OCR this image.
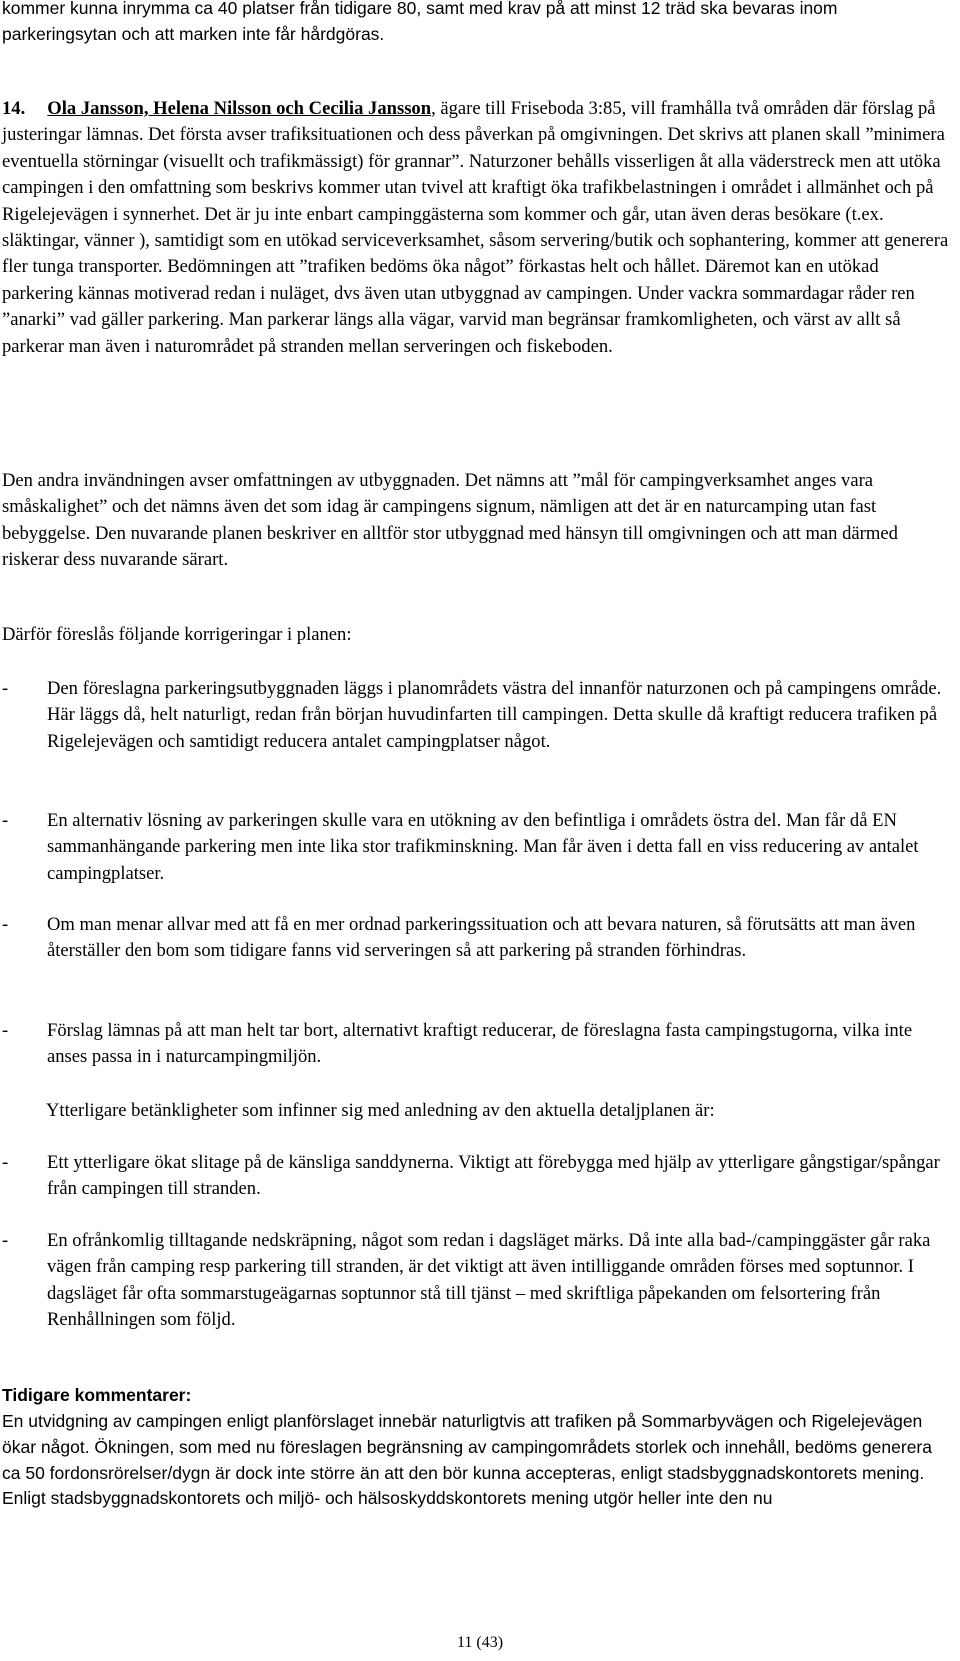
kommer kunna inrymma ca 40 platser från tidigare 80, samt med krav på att minst 12 träd ska bevaras inom parkeringsytan och att marken inte får hårdgöras.

14. Ola Jansson, Helena Nilsson och Cecilia Jansson, ägare till Friseboda 3:85, vill framhålla två områden där förslag på justeringar lämnas. Det första avser trafiksituationen och dess påverkan på omgivningen. Det skrivs att planen skall ”minimera eventuella störningar (visuellt och trafikmässigt) för grannar”. Naturzoner behålls visserligen åt alla väderstreck men att utöka campingen i den omfattning som beskrivs kommer utan tvivel att kraftigt öka trafikbelastningen i området i allmänhet och på Rigelejevägen i synnerhet. Det är ju inte enbart campinggästerna som kommer och går, utan även deras besökare (t.ex. släktingar, vänner ), samtidigt som en utökad serviceverksamhet, såsom servering/butik och sophantering, kommer att generera fler tunga transporter. Bedömningen att ”trafiken bedöms öka något” förkastas helt och hållet. Däremot kan en utökad parkering kännas motiverad redan i nuläget, dvs även utan utbyggnad av campingen. Under vackra sommardagar råder ren ”anarki” vad gäller parkering. Man parkerar längs alla vägar, varvid man begränsar framkomligheten, och värst av allt så parkerar man även i naturområdet på stranden mellan serveringen och fiskeboden.

Den andra invändningen avser omfattningen av utbyggnaden. Det nämns att ”mål för campingverksamhet anges vara småskalighet” och det nämns även det som idag är campingens signum, nämligen att det är en naturcamping utan fast bebyggelse. Den nuvarande planen beskriver en alltför stor utbyggnad med hänsyn till omgivningen och att man därmed riskerar dess nuvarande särart.

Därför föreslås följande korrigeringar i planen:

-	Den föreslagna parkeringsutbyggnaden läggs i planområdets västra del innanför naturzonen och på campingens område. Här läggs då, helt naturligt, redan från början huvudinfarten till campingen. Detta skulle då kraftigt reducera trafiken på Rigelejevägen och samtidigt reducera antalet campingplatser något.

-	En alternativ lösning av parkeringen skulle vara en utökning av den befintliga i områdets östra del. Man får då EN sammanhängande parkering men inte lika stor trafikminskning. Man får även i detta fall en viss reducering av antalet campingplatser.

-	Om man menar allvar med att få en mer ordnad parkeringssituation och att bevara naturen, så förutsätts att man även återställer den bom som tidigare fanns vid serveringen så att parkering på stranden förhindras.

-	Förslag lämnas på att man helt tar bort, alternativt kraftigt reducerar, de föreslagna fasta campingstugorna, vilka inte anses passa in i naturcampingmiljön.

Ytterligare betänkligheter som infinner sig med anledning av den aktuella detaljplanen är:

-	Ett ytterligare ökat slitage på de känsliga sanddynerna. Viktigt att förebygga med hjälp av ytterligare gångstigar/spångar från campingen till stranden.

-	En ofrånkomlig tilltagande nedskräpning, något som redan i dagsläget märks. Då inte alla bad-/campinggäster går raka vägen från camping resp parkering till stranden, är det viktigt att även intilliggande områden förses med soptunnor. I dagsläget får ofta sommarstugeägarnas soptunnor stå till tjänst – med skriftliga påpekanden om felsortering från Renhållningen som följd.

Tidigare kommentarer:

En utvidgning av campingen enligt planförslaget innebär naturligtvis att trafiken på Sommarbyvägen och Rigelejevägen ökar något. Ökningen, som med nu föreslagen begränsning av campingområdets storlek och innehåll, bedöms generera ca 50 fordonsrörelser/dygn är dock inte större än att den bör kunna accepteras, enligt stadsbyggnadskontorets mening. Enligt stadsbyggnadskontorets och miljö- och hälsoskyddskontorets mening utgör heller inte den nu

11 (43)
